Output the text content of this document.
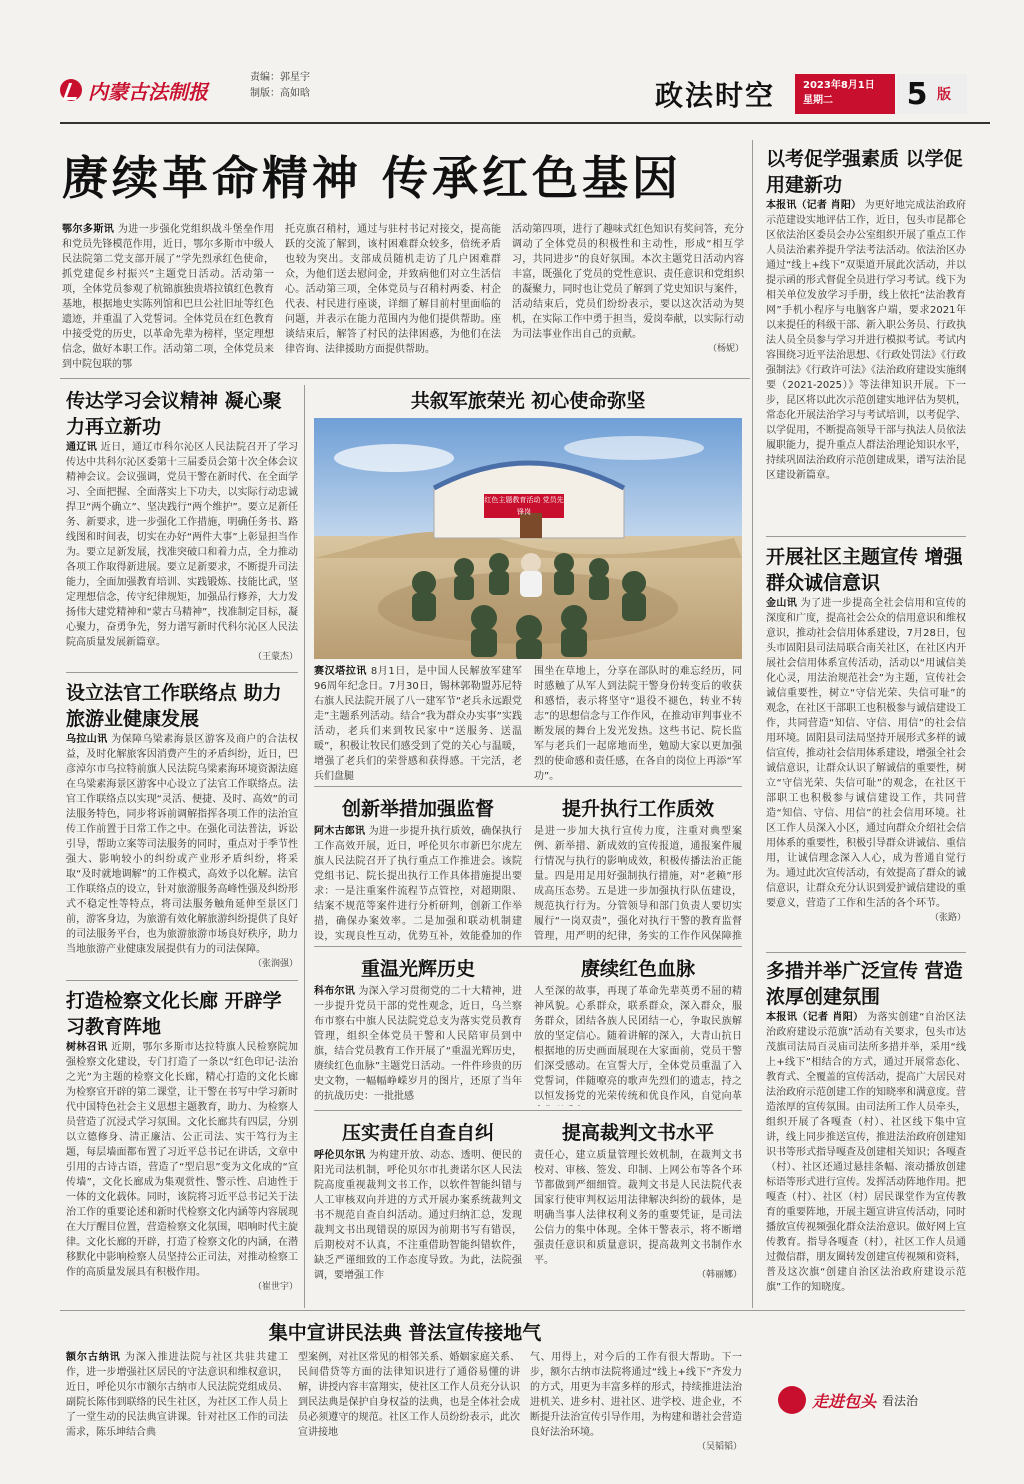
内蒙古法制报
责编：郭星宇
制版：高如晗	政法时空	2023年8月1日
星期二	5 版
赓续革命精神 传承红色基因
鄂尔多斯讯 为进一步强化党组织战斗堡垒作用和党员先锋模范作用，近日，鄂尔多斯市中级人民法院第二党支部开展了“学先烈承红色使命，抓党建促乡村振兴”主题党日活动。活动第一项，全体党员参观了杭锦旗独贵塔拉镇红色教育基地，根据地史实陈列馆和巴旦公社旧址等红色遗迹，并重温了入党誓词。全体党员在红色教育中接受党的历史，以革命先辈为榜样，坚定理想信念，做好本职工作。活动第二项，全体党员来到中院包联的鄂
托克旗召稍村，通过与驻村书记对接交，提高能跃的交流了解到，该村困难群众较多，倍统矛盾也较为突出。支部成员随机走访了几户困难群众，为他们送去慰问金，并致病他们对立生活信心。活动第三项，全体党员与召稍村两委、村企代表、村民进行座谈，详细了解目前村里面临的问题，并表示在能力范围内为他们提供帮助。座谈结束后，解答了村民的法律困惑，为他们在法律咨询、法律援助方面提供帮助。
活动第四项，进行了趣味式红色知识有奖问答，充分调动了全体党员的积极性和主动性，形成“相互学习，共同进步”的良好氛围。本次主题党日活动内容丰富，既强化了党员的党性意识、责任意识和党组织的凝聚力，同时也让党员了解到了党史知识与案件，活动结束后，党员们纷纷表示，要以这次活动为契机，在实际工作中勇于担当，爱岗奉献，以实际行动为司法事业作出自己的贡献。
（杨妮）
传达学习会议精神 凝心聚力再立新功
通辽讯 近日，通辽市科尔沁区人民法院召开了学习传达中共科尔沁区委第十三届委员会第十次全体会议精神会议。会议强调，党员干警在新时代、在全面学习、全面把握、全面落实上下功夫，以实际行动忠诚捍卫“两个确立”、坚决践行“两个维护”。要立足新任务、新要求，进一步强化工作措施，明确任务书、路线图和时间表，切实在办好“两件大事”上彰显担当作为。要立足新发展，找准突破口和着力点，全力推动各项工作取得新进展。要立足新要求，不断提升司法能力，全面加强教育培训、实践锻炼、技能比武，坚定理想信念，传守纪律规矩，加强品行修养，大力发扬伟大建党精神和“蒙古马精神”，找准制定目标，凝心聚力，奋勇争先，努力谱写新时代科尔沁区人民法院高质量发展新篇章。
（王蒙杰）
设立法官工作联络点 助力旅游业健康发展
乌拉山讯 为保障乌梁素海景区游客及商户的合法权益，及时化解旅客因消费产生的矛盾纠纷，近日，巴彦淖尔市乌拉特前旗人民法院乌梁素海环境资源法庭在乌梁素海景区游客中心设立了法官工作联络点。法官工作联络点以实现“灵活、便捷、及时、高效”的司法服务特色，同步将诉前调解指挥各项工作的法治宣传工作前置于日常工作之中。在强化司法普法，诉讼引导，帮助立案等司法服务的同时，重点对于季节性强大、影响较小的纠纷或产业形矛盾纠纷，将采取“及时就地调解”的工作模式，高效予以化解。法官工作联络点的设立，针对旅游服务高峰性强及纠纷形式不稳定性等特点，将司法服务触角延伸至景区门前，游客身边，为旅游有效化解旅游纠纷提供了良好的司法服务平台，也为旅游旅游市场良好秩序，助力当地旅游产业健康发展提供有力的司法保障。
（张润强）
打造检察文化长廊 开辟学习教育阵地
树林召讯 近期，鄂尔多斯市达拉特旗人民检察院加强检察文化建设，专门打造了一条以“红色印记·法治之光”为主题的检察文化长廊，精心打造的文化长廊为检察官开辟的第二课堂，让干警在书写中学习新时代中国特色社会主义思想主题教育，助力、为检察人员营造了沉浸式学习氛围。文化长廊共有四层，分别以立德修身、清正廉洁、公正司法、实干笃行为主题，每层墙面都布置了习近平总书记在讲话，文章中引用的古诗古语，营造了“型启思”变为文化成的“宣传墙”，文化长廊成为集观赏性、警示性、启迪性于一体的文化载体。同时，该院将习近平总书记关于法治工作的重要论述和新时代检察文化内涵等内容展现在大厅醒目位置，营造检察文化氛围，唱响时代主旋律。文化长廊的开辟，打造了检察文化的内涵，在潜移默化中影响检察人员坚持公正司法，对推动检察工作的高质量发展具有积极作用。
（崔世宇）
共叙军旅荣光 初心使命弥坚
红色主题教育活动 党员先锋岗
赛汉塔拉讯 8月1日，是中国人民解放军建军96周年纪念日。7月30日，锡林郭勒盟苏尼特右旗人民法院开展了八一建军节“老兵永远跟党走”主题系列活动。结合“我为群众办实事”实践活动，老兵们来到牧民家中“送服务、送温暖”，积极让牧民们感受到了党的关心与温暖，增强了老兵们的荣誉感和获得感。干完活，老兵们盘腿
围坐在草地上，分享在部队时的难忘经历，同时感触了从军人到法院干警身份转变后的收获和感悟，表示将坚守“退役不褪色，转业不转志”的思想信念与工作作风，在推动审判事业不断发展的舞台上发光发热。这些书记、院长监军与老兵们一起席地而坐，勉励大家以更加强烈的使命感和责任感，在各自的岗位上再添“军功”。
创新举措加强监督	提升执行工作质效
阿木古郎讯 为进一步提升执行质效，确保执行工作高效开展，近日，呼伦贝尔市新巴尔虎左旗人民法院召开了执行重点工作推进会。该院党组书记、院长提出执行工作具体措施提出要求：一是注重案件流程节点管控，对超期限、结案不规范等案件进行分析研判，创新工作举措，确保办案效率。二是加强和联动机制建设，实现良性互动，优势互补，效能叠加的作
是进一步加大执行宣传力度，注重对典型案例、新举措、新成效的宣传报道，通报案件履行情况与执行的影响成效，积极传播法治正能量。四是用足用好强制执行措施，对“老赖”形成高压态势。五是进一步加强执行队伍建设，规范执行行为。分管领导和部门负责人要切实履行“一岗双责”，强化对执行干警的教育监督管理，用严明的纪律，务实的工作作风保障推
重温光辉历史	赓续红色血脉
科布尔讯 为深入学习贯彻党的二十大精神，进一步提升党员干部的党性观念，近日，乌兰察布市察右中旗人民法院党总支为落实党员教育管理，组织全体党员干警和人民陪审员到中旗，结合党员教育工作开展了“重温光辉历史，赓续红色血脉”主题党日活动。一件件珍贵的历史文物，一幅幅峥嵘岁月的图片，还原了当年的抗战历史：一批批感
人至深的故事，再现了革命先辈英勇不屈的精神风貌。心系群众，联系群众，深入群众，服务群众，团结各族人民团结一心，争取民族解放的坚定信心。随着讲解的深入，大青山抗日根据地的历史画面展现在大家面前，党员干警们深受感动。在宣誓大厅，全体党员重温了入党誓词，伴随嘹亮的歌声先烈们的遗志，持之以恒发扬党的光荣传统和优良作风，自觉向革
压实责任自查自纠	提高裁判文书水平
呼伦贝尔讯 为构建开放、动态、透明、便民的阳光司法机制，呼伦贝尔市扎赉诺尔区人民法院高度重视裁判文书工作，以软件智能纠错与人工审核双向并进的方式开展办案系统裁判文书不规范自查自纠活动。通过归纳汇总，发现裁判文书出现错误的原因为前期书写有错误，后期校对不认真，不注重借助智能纠错软件，缺乏严谨细致的工作态度导致。为此，法院强调，要增强工作
责任心，建立质量管理长效机制，在裁判文书校对、审核、签发、印制、上网公布等各个环节都做到严细细管。裁判文书是人民法院代表国家行使审判权运用法律解决纠纷的载体，是明确当事人法律权利义务的重要凭证，是司法公信力的集中体现。全体干警表示，将不断增强责任意识和质量意识，提高裁判文书制作水平。
（韩丽娜）
以考促学强素质 以学促用建新功
本报讯（记者 肖阳） 为更好地完成法治政府示范建设实地评估工作，近日，包头市昆都仑区依法治区委员会办公室组织开展了重点工作人员法治素养提升学法考法活动。依法治区办通过“线上+线下”双渠道开展此次活动，并以提示函的形式督促全员进行学习考试。线下为相关单位发放学习手册，线上依托“法治教育网”手机小程序与电脑客户端，要求2021年以来提任的科级干部、新入职公务员、行政执法人员全员参与学习并进行模拟考试。考试内容围绕习近平法治思想、《行政处罚法》《行政强制法》《行政许可法》《法治政府建设实施纲要（2021-2025）》等法律知识开展。下一步，昆区将以此次示范创建实地评估为契机，常态化开展法治学习与考试培训，以考促学、以学促用，不断提高领导干部与执法人员依法履职能力，提升重点人群法治理论知识水平，持续巩固法治政府示范创建成果，谱写法治昆区建设新篇章。
开展社区主题宣传 增强群众诚信意识
金山讯 为了进一步提高全社会信用和宣传的深度和广度，提高社会公众的信用意识和维权意识，推动社会信用体系建设，7月28日，包头市固阳县司法局联合南关社区，在社区内开展社会信用体系宣传活动，活动以“用诚信美化心灵，用法治规范社会”为主题，宣传社会诚信重要性，树立“守信光荣、失信可耻”的观念，在社区干部职工也积极参与诚信建设工作，共同营造“知信、守信、用信”的社会信用环境。固阳县司法局坚持开展形式多样的诚信宣传，推动社会信用体系建设，增强全社会诚信意识，让群众认识了解诚信的重要性，树立“守信光荣、失信可耻”的观念，在社区干部职工也积极参与诚信建设工作，共同营造“知信、守信、用信”的社会信用环境。社区工作人员深入小区，通过向群众介绍社会信用体系的重要性，积极引导群众讲诚信、重信用，让诚信理念深入人心，成为普通自觉行为。通过此次宣传活动，有效提高了群众的诚信意识，让群众充分认识到爱护诚信建设的重要意义，营造了工作和生活的各个环节。
（张路）
多措并举广泛宣传 营造浓厚创建氛围
本报讯（记者 肖阳） 为落实创建“自治区法治政府建设示范旗”活动有关要求，包头市达茂旗司法局百灵庙司法所多措并举，采用“线上+线下”相结合的方式，通过开展常态化、教育式、全覆盖的宣传活动，提高广大居民对法治政府示范创建工作的知晓率和满意度。营造浓厚的宣传氛围。由司法所工作人员牵头，组织开展了各嘎查（村）、社区线下集中宣讲，线上同步推送宣传，推进法治政府创建知识书等形式指导嘎查及创建相关知识；各嘎查（村）、社区还通过悬挂条幅、滚动播放创建标语等形式进行宣传。发挥活动阵地作用。把嘎查（村）、社区（村）居民课堂作为宣传教育的重要阵地，开展主题宣讲宣传活动，同时播放宣传视频强化群众法治意识。做好网上宣传教育。指导各嘎查（村），社区工作人员通过微信群，朋友圈转发创建宣传视频和资料，普及这次旗“创建自治区法治政府建设示范旗”工作的知晓度。
集中宣讲民法典 普法宣传接地气
额尔古纳讯 为深入推进法院与社区共驻共建工作，进一步增强社区居民的守法意识和维权意识，近日，呼伦贝尔市额尔古纳市人民法院党组成员、副院长陈伟到联络的民生社区，为社区工作人员上了一堂生动的民法典宣讲课。针对社区工作的司法需求，陈乐坤结合典
型案例，对社区常见的相邻关系、婚姻家庭关系、民间借贷等方面的法律知识进行了通俗易懂的讲解，讲授内容丰富翔实，使社区工作人员充分认识到民法典是保护自身权益的法典，也是全体社会成员必须遵守的规范。社区工作人员纷纷表示，此次宣讲接地
气、用得上，对今后的工作有很大帮助。下一步，额尔古纳市法院将通过“线上+线下”齐发力的方式，用更为丰富多样的形式，持续推进法治进机关、进乡村、进社区、进学校、进企业，不断提升法治宣传引导作用，为构建和谐社会营造良好法治环境。
（吴韬韬）
走进包头 看法治
